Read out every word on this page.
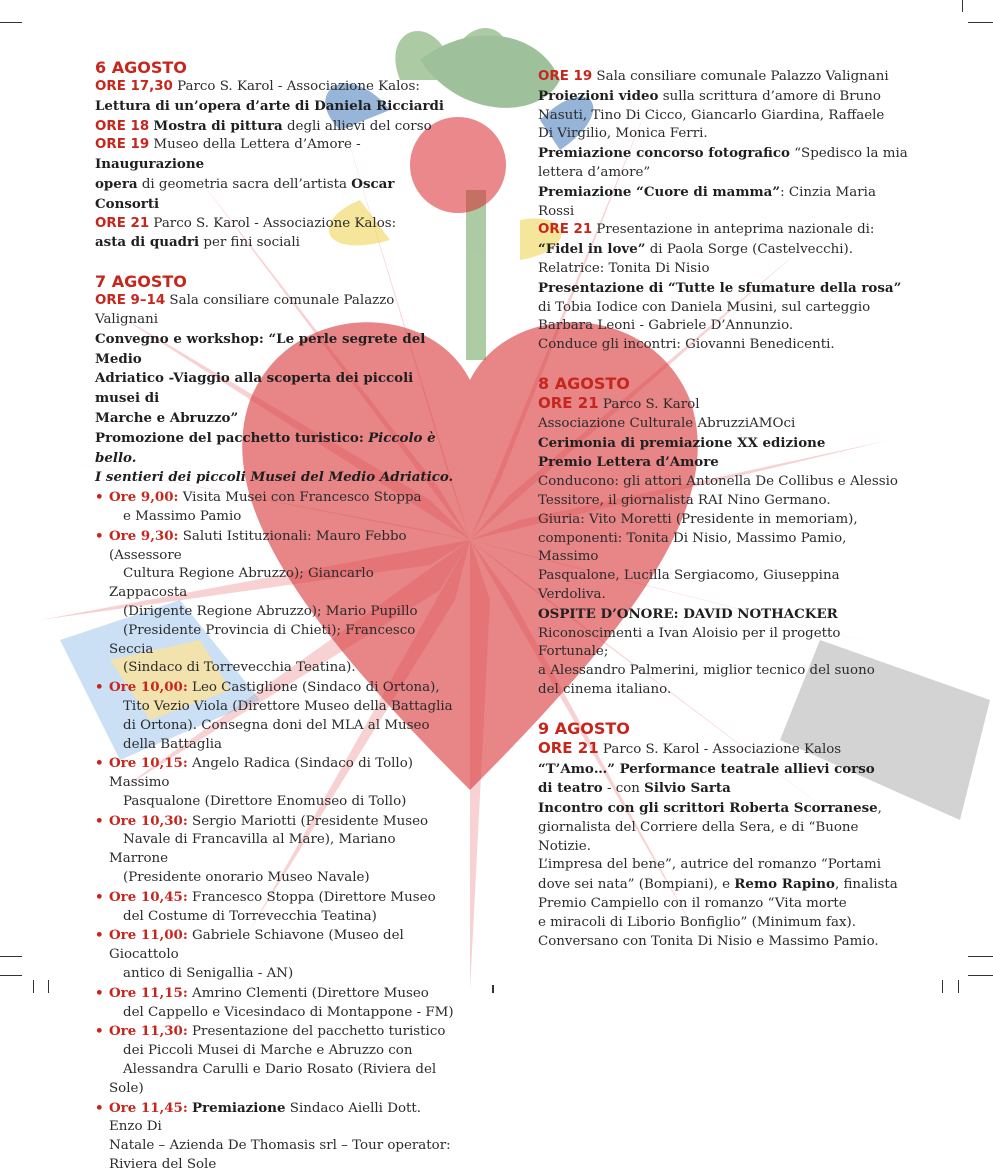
6 AGOSTO
ORE 17,30 Parco S. Karol - Associazione Kalos:
Lettura di un’opera d’arte di Daniela Ricciardi
ORE 18 Mostra di pittura degli allievi del corso
ORE 19 Museo della Lettera d’Amore - Inaugurazione
opera di geometria sacra dell’artista Oscar Consorti
ORE 21 Parco S. Karol - Associazione Kalos:
asta di quadri per fini sociali
7 AGOSTO
ORE 9–14 Sala consiliare comunale Palazzo Valignani
Convegno e workshop: “Le perle segrete del Medio
Adriatico -Viaggio alla scoperta dei piccoli musei di
Marche e Abruzzo”
Promozione del pacchetto turistico: Piccolo è bello.
I sentieri dei piccoli Musei del Medio Adriatico.
• Ore 9,00: Visita Musei con Francesco Stoppa
e Massimo Pamio
• Ore 9,30: Saluti Istituzionali: Mauro Febbo (Assessore
Cultura Regione Abruzzo); Giancarlo Zappacosta
(Dirigente Regione Abruzzo); Mario Pupillo
(Presidente Provincia di Chieti); Francesco Seccia
(Sindaco di Torrevecchia Teatina).
• Ore 10,00: Leo Castiglione (Sindaco di Ortona),
Tito Vezio Viola (Direttore Museo della Battaglia
di Ortona). Consegna doni del MLA al Museo
della Battaglia
• Ore 10,15: Angelo Radica (Sindaco di Tollo) Massimo
Pasqualone (Direttore Enomuseo di Tollo)
• Ore 10,30: Sergio Mariotti (Presidente Museo
Navale di Francavilla al Mare), Mariano Marrone
(Presidente onorario Museo Navale)
• Ore 10,45: Francesco Stoppa (Direttore Museo
del Costume di Torrevecchia Teatina)
• Ore 11,00: Gabriele Schiavone (Museo del Giocattolo
antico di Senigallia - AN)
• Ore 11,15: Amrino Clementi (Direttore Museo
del Cappello e Vicesindaco di Montappone - FM)
• Ore 11,30: Presentazione del pacchetto turistico
dei Piccoli Musei di Marche e Abruzzo con
Alessandra Carulli e Dario Rosato (Riviera del Sole)
• Ore 11,45: Premiazione Sindaco Aielli Dott. Enzo Di
Natale – Azienda De Thomasis srl – Tour operator:
Riviera del Sole
ORE 19 Sala consiliare comunale Palazzo Valignani
Proiezioni video sulla scrittura d’amore di Bruno
Nasuti, Tino Di Cicco, Giancarlo Giardina, Raffaele
Di Virgilio, Monica Ferri.
Premiazione concorso fotografico “Spedisco la mia
lettera d’amore”
Premiazione “Cuore di mamma”: Cinzia Maria Rossi
ORE 21 Presentazione in anteprima nazionale di:
“Fidel in love” di Paola Sorge (Castelvecchi).
Relatrice: Tonita Di Nisio
Presentazione di “Tutte le sfumature della rosa”
di Tobia Iodice con Daniela Musini, sul carteggio
Barbara Leoni - Gabriele D’Annunzio.
Conduce gli incontri: Giovanni Benedicenti.
8 AGOSTO
ORE 21 Parco S. Karol
Associazione Culturale AbruzziAMOci
Cerimonia di premiazione XX edizione
Premio Lettera d’Amore
Conducono: gli attori Antonella De Collibus e Alessio
Tessitore, il giornalista RAI Nino Germano.
Giuria: Vito Moretti (Presidente in memoriam),
componenti: Tonita Di Nisio, Massimo Pamio, Massimo
Pasqualone, Lucilla Sergiacomo, Giuseppina Verdoliva.
OSPITE D’ONORE: DAVID NOTHACKER
Riconoscimenti a Ivan Aloisio per il progetto Fortunale;
a Alessandro Palmerini, miglior tecnico del suono
del cinema italiano.
9 AGOSTO
ORE 21 Parco S. Karol - Associazione Kalos
“T’Amo…” Performance teatrale allievi corso
di teatro - con Silvio Sarta
Incontro con gli scrittori Roberta Scorranese,
giornalista del Corriere della Sera, e di “Buone Notizie.
L’impresa del bene”, autrice del romanzo “Portami
dove sei nata” (Bompiani), e Remo Rapino, finalista
Premio Campiello con il romanzo “Vita morte
e miracoli di Liborio Bonfiglio” (Minimum fax).
Conversano con Tonita Di Nisio e Massimo Pamio.
